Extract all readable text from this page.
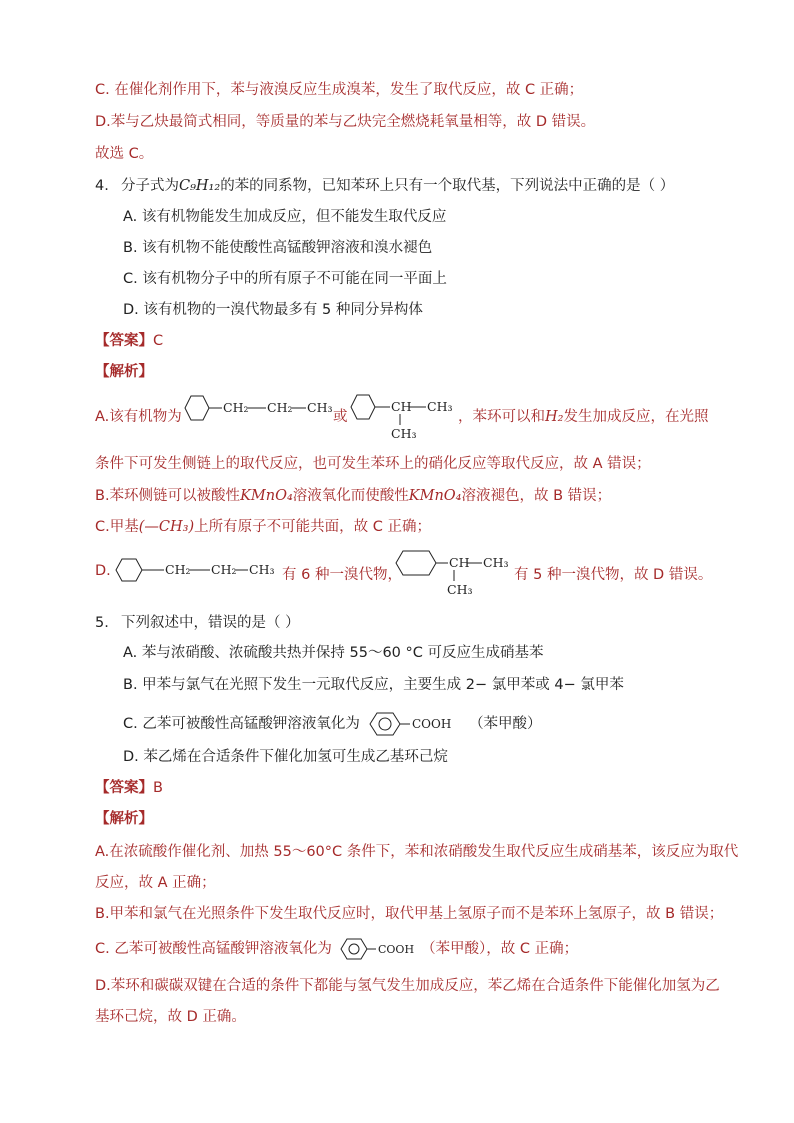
C. 在催化剂作用下，苯与液溴反应生成溴苯，发生了取代反应，故 C 正确；
D.苯与乙炔最简式相同，等质量的苯与乙炔完全燃烧耗氧量相等，故 D 错误。
故选 C。
4. 分子式为C₉H₁₂的苯的同系物，已知苯环上只有一个取代基，下列说法中正确的是（ ）
A. 该有机物能发生加成反应，但不能发生取代反应
B. 该有机物不能使酸性高锰酸钾溶液和溴水褪色
C. 该有机物分子中的所有原子不可能在同一平面上
D. 该有机物的一溴代物最多有 5 种同分异构体
【答案】C
【解析】
A.该有机物为
CH₂ CH₂ CH₃
或
CH CH₃
CH₃
，苯环可以和H₂发生加成反应，在光照
条件下可发生侧链上的取代反应，也可发生苯环上的硝化反应等取代反应，故 A 错误；
B.苯环侧链可以被酸性KMnO₄溶液氧化而使酸性KMnO₄溶液褪色，故 B 错误；
C.甲基(—CH₃)上所有原子不可能共面，故 C 正确；
D.	CH₂ CH₂ CH₃ 有 6 种一溴代物，
CH CH₃
CH₃
有 5 种一溴代物，故 D 错误。
5. 下列叙述中，错误的是（ ）
A. 苯与浓硝酸、浓硫酸共热并保持 55～60 °C 可反应生成硝基苯
B. 甲苯与氯气在光照下发生一元取代反应，主要生成 2− 氯甲苯或 4− 氯甲苯
C. 乙苯可被酸性高锰酸钾溶液氧化为	COOH （苯甲酸）
D. 苯乙烯在合适条件下催化加氢可生成乙基环己烷
【答案】B
【解析】
A.在浓硫酸作催化剂、加热 55～60°C 条件下，苯和浓硝酸发生取代反应生成硝基苯，该反应为取代
反应，故 A 正确；
B.甲苯和氯气在光照条件下发生取代反应时，取代甲基上氢原子而不是苯环上氢原子，故 B 错误；
C. 乙苯可被酸性高锰酸钾溶液氧化为	COOH （苯甲酸），故 C 正确；
D.苯环和碳碳双键在合适的条件下都能与氢气发生加成反应，苯乙烯在合适条件下能催化加氢为乙
基环己烷，故 D 正确。
